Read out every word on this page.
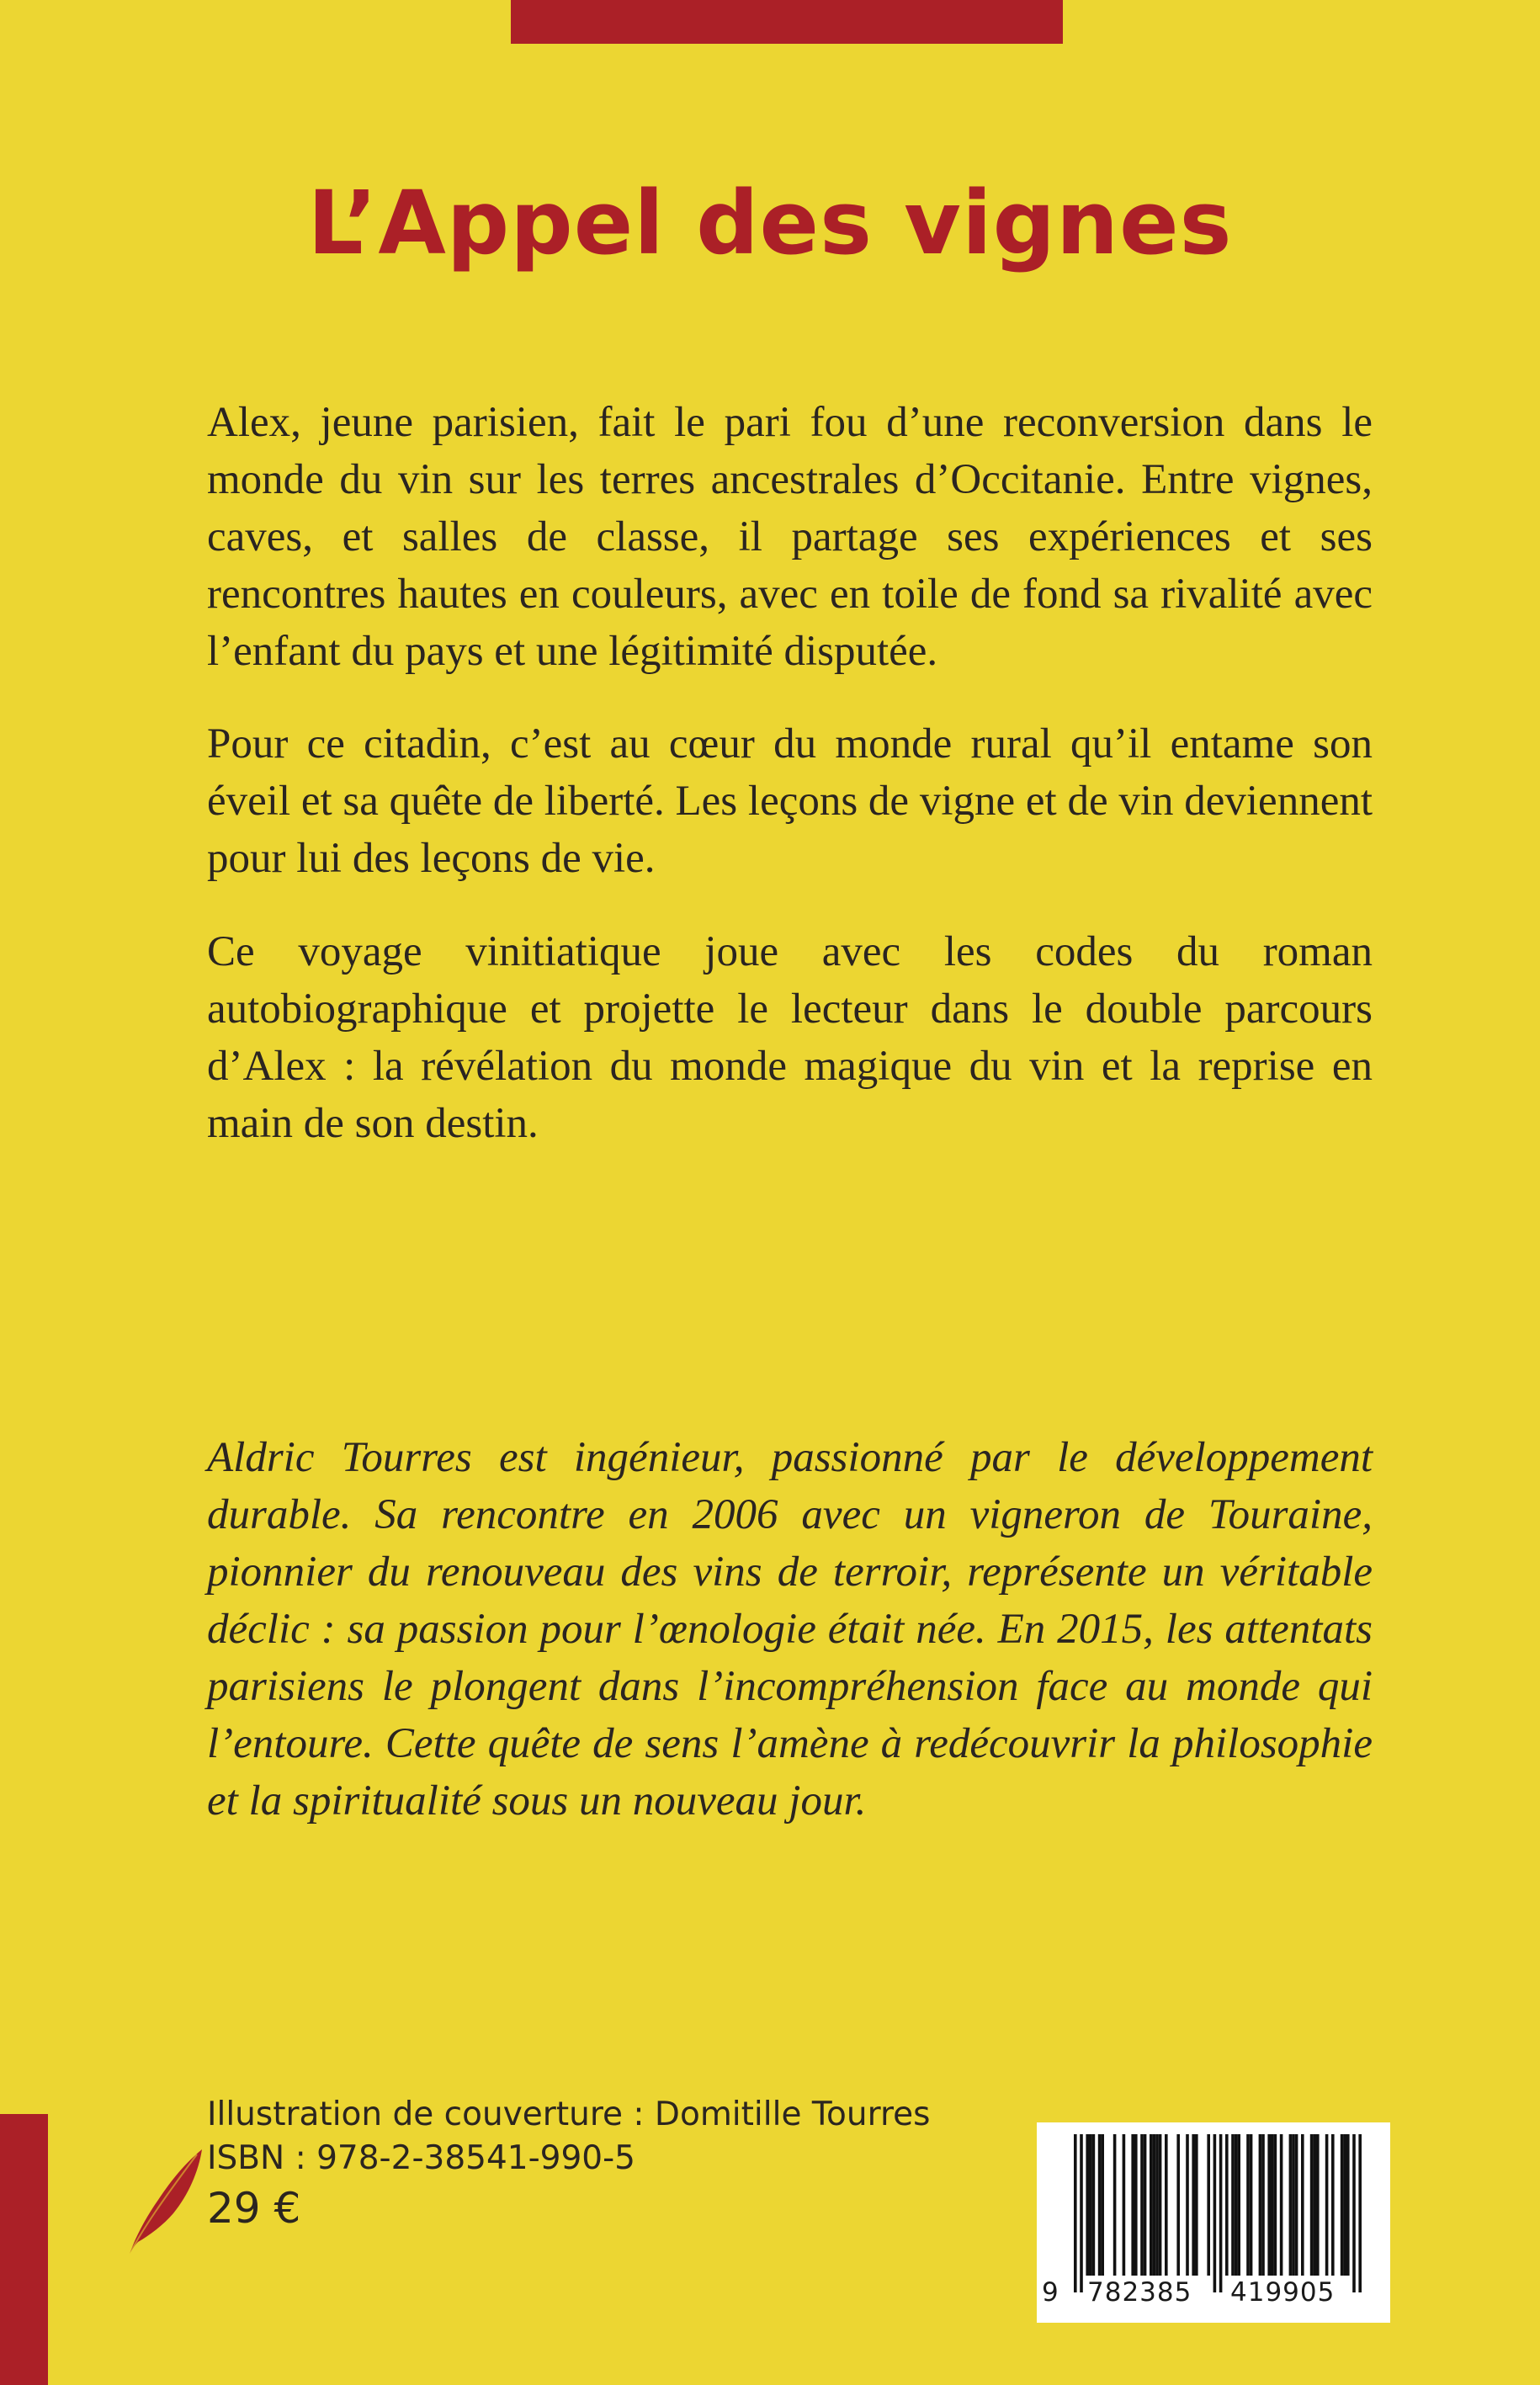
L’Appel des vignes

Alex, jeune parisien, fait le pari fou d’une reconversion dans le monde du vin sur les terres ancestrales d’Occitanie. Entre vignes, caves, et salles de classe, il partage ses expériences et ses rencontres hautes en couleurs, avec en toile de fond sa rivalité avec l’enfant du pays et une légitimité disputée.

Pour ce citadin, c’est au cœur du monde rural qu’il entame son éveil et sa quête de liberté. Les leçons de vigne et de vin deviennent pour lui des leçons de vie.

Ce voyage vinitiatique joue avec les codes du roman autobiographique et projette le lecteur dans le double parcours d’Alex : la révélation du monde magique du vin et la reprise en main de son destin.

Aldric Tourres est ingénieur, passionné par le développement durable. Sa rencontre en 2006 avec un vigneron de Touraine, pionnier du renouveau des vins de terroir, représente un véritable déclic : sa passion pour l’œnologie était née. En 2015, les attentats parisiens le plongent dans l’incompréhension face au monde qui l’entoure. Cette quête de sens l’amène à redécouvrir la philosophie et la spiritualité sous un nouveau jour.

Illustration de couverture : Domitille Tourres
ISBN : 978-2-38541-990-5
29 €
9 782385 419905
